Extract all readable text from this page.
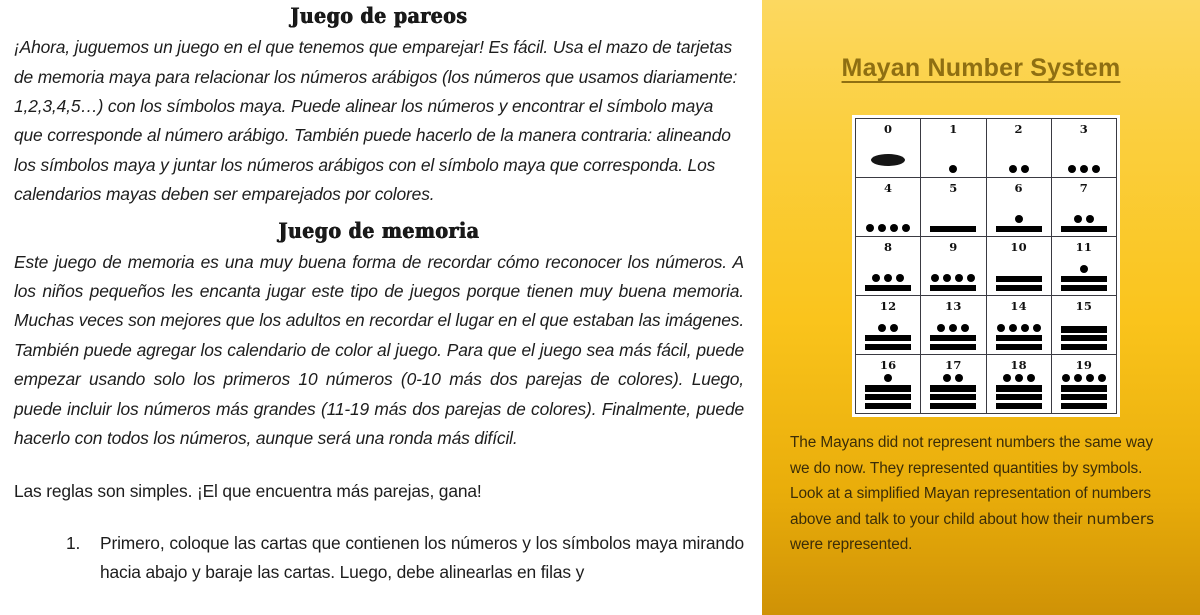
Juego de pareos

¡Ahora, juguemos un juego en el que tenemos que emparejar! Es fácil. Usa el mazo de tarjetas de memoria maya para relacionar los números arábigos (los números que usamos diariamente: 1,2,3,4,5…) con los símbolos maya. Puede alinear los números y encontrar el símbolo maya que corresponde al número arábigo. También puede hacerlo de la manera contraria: alineando los símbolos maya y juntar los números arábigos con el símbolo maya que corresponda. Los calendarios mayas deben ser emparejados por colores.

Juego de memoria

Este juego de memoria es una muy buena forma de recordar cómo reconocer los números. A los niños pequeños les encanta jugar este tipo de juegos porque tienen muy buena memoria. Muchas veces son mejores que los adultos en recordar el lugar en el que estaban las imágenes. También puede agregar los calendario de color al juego. Para que el juego sea más fácil, puede empezar usando solo los primeros 10 números (0-10 más dos parejas de colores). Luego, puede incluir los números más grandes (11-19 más dos parejas de colores). Finalmente, puede hacerlo con todos los números, aunque será una ronda más difícil.

Las reglas son simples. ¡El que encuentra más parejas, gana!

1. Primero, coloque las cartas que contienen los números y los símbolos maya mirando hacia abajo y baraje las cartas. Luego, debe alinearlas en filas y
Mayan Number System
0	1	2	3

4	5	6	7

8	9	10	11

12	13	14	15

16	17	18	19
The Mayans did not represent numbers the same way we do now. They represented quantities by symbols. Look at a simplified Mayan representation of numbers above and talk to your child about how their numbers were represented.
